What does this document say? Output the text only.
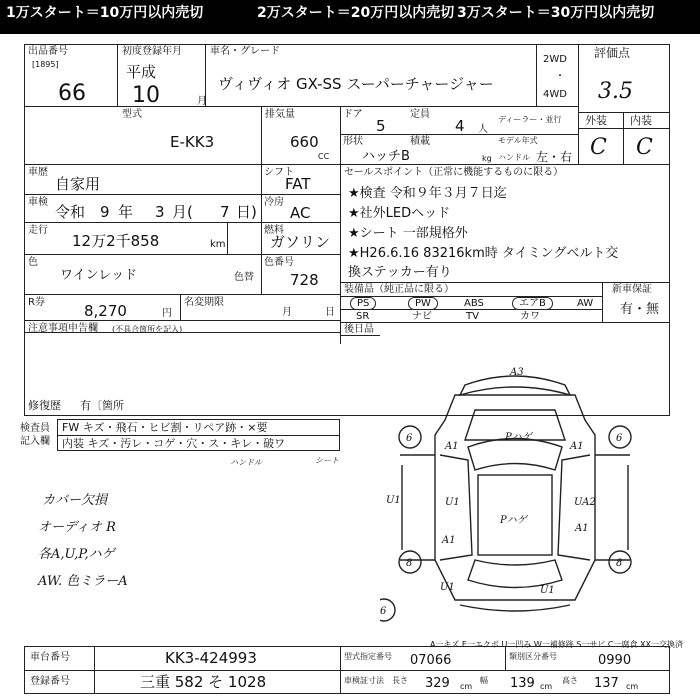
1万スタート＝10万円以内売切	2万スタート＝20万円以内売切 3万スタート＝30万円以内売切
出品番号
[1895]
66
初度登録年月
平成
10	月
車名・グレード
ヴィヴィオ GX-SS スーパーチャージャー
2WD
・
4WD
評価点
3.5
外装 内装
C C
型式
E-KK3
排気量
660
CC
ドア
5
定員
4 人
ディーラー・並行
形状
ハッチB
積載
kg
モデル年式
ハンドル 左・右
車歴
自家用
シフト
FAT
車検
令和 9 年 3 月( 7 日)
冷房
AC
走行
12万2千858	km
燃料
ガソリン
色
ワインレッド	色替
色番号
728
R券	8,270	円
名変期限
月	日
注意事項申告欄 (不具合箇所を記入)
修復歴 有〔箇所
セールスポイント（正常に機能するものに限る）
★検査 令和９年３月７日迄
★社外LEDヘッド
★シート 一部規格外
★H26.6.16 83216km時 タイミングベルト交
換ステッカー有り
装備品（純正品に限る）	新車保証
有・無
PS	PW	ABS	エアB	AW
SR	ナビ	TV	カワ
後日品
検査員
記入欄
FW キズ・飛石・ヒビ割・リペア跡・×要
内装 キズ・汚レ・コゲ・穴・ス・キレ・破ワ
ハンドル	シート
カバー欠損
オーディオ R
各A,U,P,ハゲ
AW. 色ミラーA
A3
6
A1
Pハゲ	6
A1
U1	U1
Pハゲ
UA2
A1
8
A1
8
U1	U1
6
A一キズ E一エクボ U一凹み W一補修跡 S一サビ C一腐食 XX一交換済
車台番号	KK3-424993
登録番号	三重 582 そ 1028
型式指定番号 07066	類別区分番号	0990
車検証寸法 長さ 329 cm
幅 139 cm
高さ 137 cm
